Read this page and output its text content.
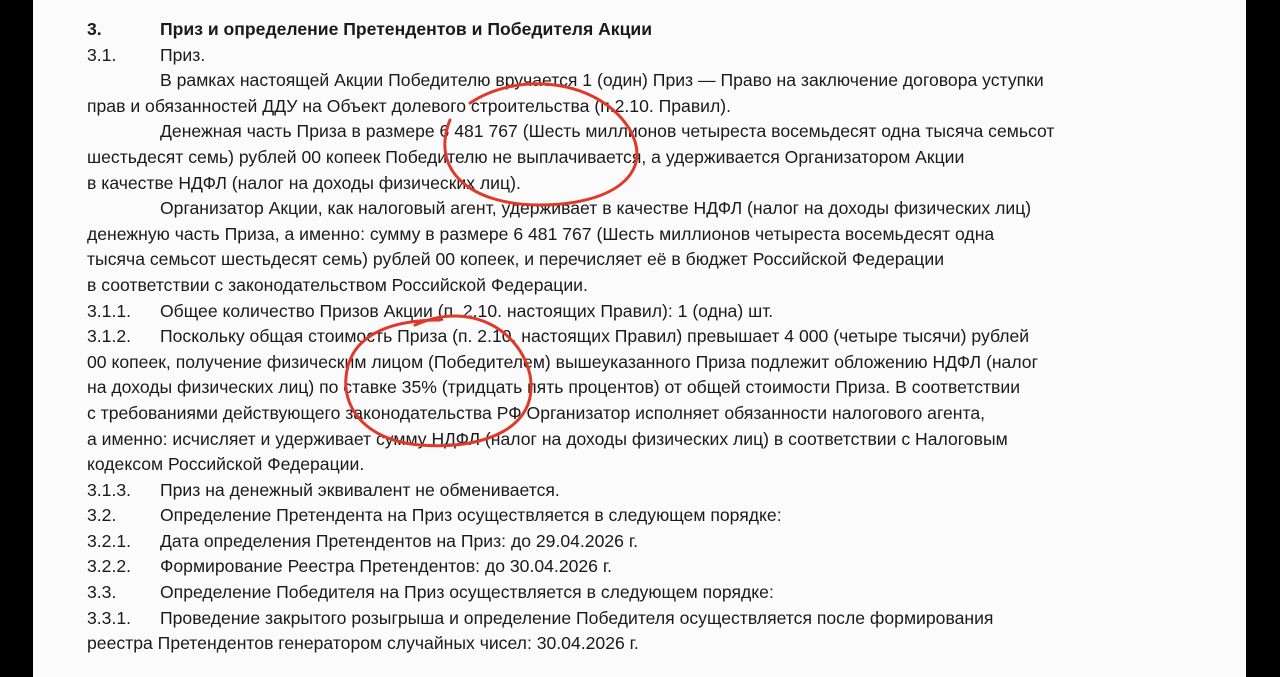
3.	Приз и определение Претендентов и Победителя Акции
3.1. Приз.
В рамках настоящей Акции Победителю вручается 1 (один) Приз — Право на заключение договора уступки
прав и обязанностей ДДУ на Объект долевого строительства (п.2.10. Правил).
Денежная часть Приза в размере 6 481 767 (Шесть миллионов четыреста восемьдесят одна тысяча семьсот
шестьдесят семь) рублей 00 копеек Победителю не выплачивается, а удерживается Организатором Акции
в качестве НДФЛ (налог на доходы физических лиц).
Организатор Акции, как налоговый агент, удерживает в качестве НДФЛ (налог на доходы физических лиц)
денежную часть Приза, а именно: сумму в размере 6 481 767 (Шесть миллионов четыреста восемьдесят одна
тысяча семьсот шестьдесят семь) рублей 00 копеек, и перечисляет её в бюджет Российской Федерации
в соответствии с законодательством Российской Федерации.
3.1.1. Общее количество Призов Акции (п. 2.10. настоящих Правил): 1 (одна) шт.
3.1.2. Поскольку общая стоимость Приза (п. 2.10. настоящих Правил) превышает 4 000 (четыре тысячи) рублей
00 копеек, получение физическим лицом (Победителем) вышеуказанного Приза подлежит обложению НДФЛ (налог
на доходы физических лиц) по ставке 35% (тридцать пять процентов) от общей стоимости Приза. В соответствии
с требованиями действующего законодательства РФ Организатор исполняет обязанности налогового агента,
а именно: исчисляет и удерживает сумму НДФЛ (налог на доходы физических лиц) в соответствии с Налоговым
кодексом Российской Федерации.
3.1.3. Приз на денежный эквивалент не обменивается.
3.2. Определение Претендента на Приз осуществляется в следующем порядке:
3.2.1. Дата определения Претендентов на Приз: до 29.04.2026 г.
3.2.2. Формирование Реестра Претендентов: до 30.04.2026 г.
3.3. Определение Победителя на Приз осуществляется в следующем порядке:
3.3.1. Проведение закрытого розыгрыша и определение Победителя осуществляется после формирования
реестра Претендентов генератором случайных чисел: 30.04.2026 г.
